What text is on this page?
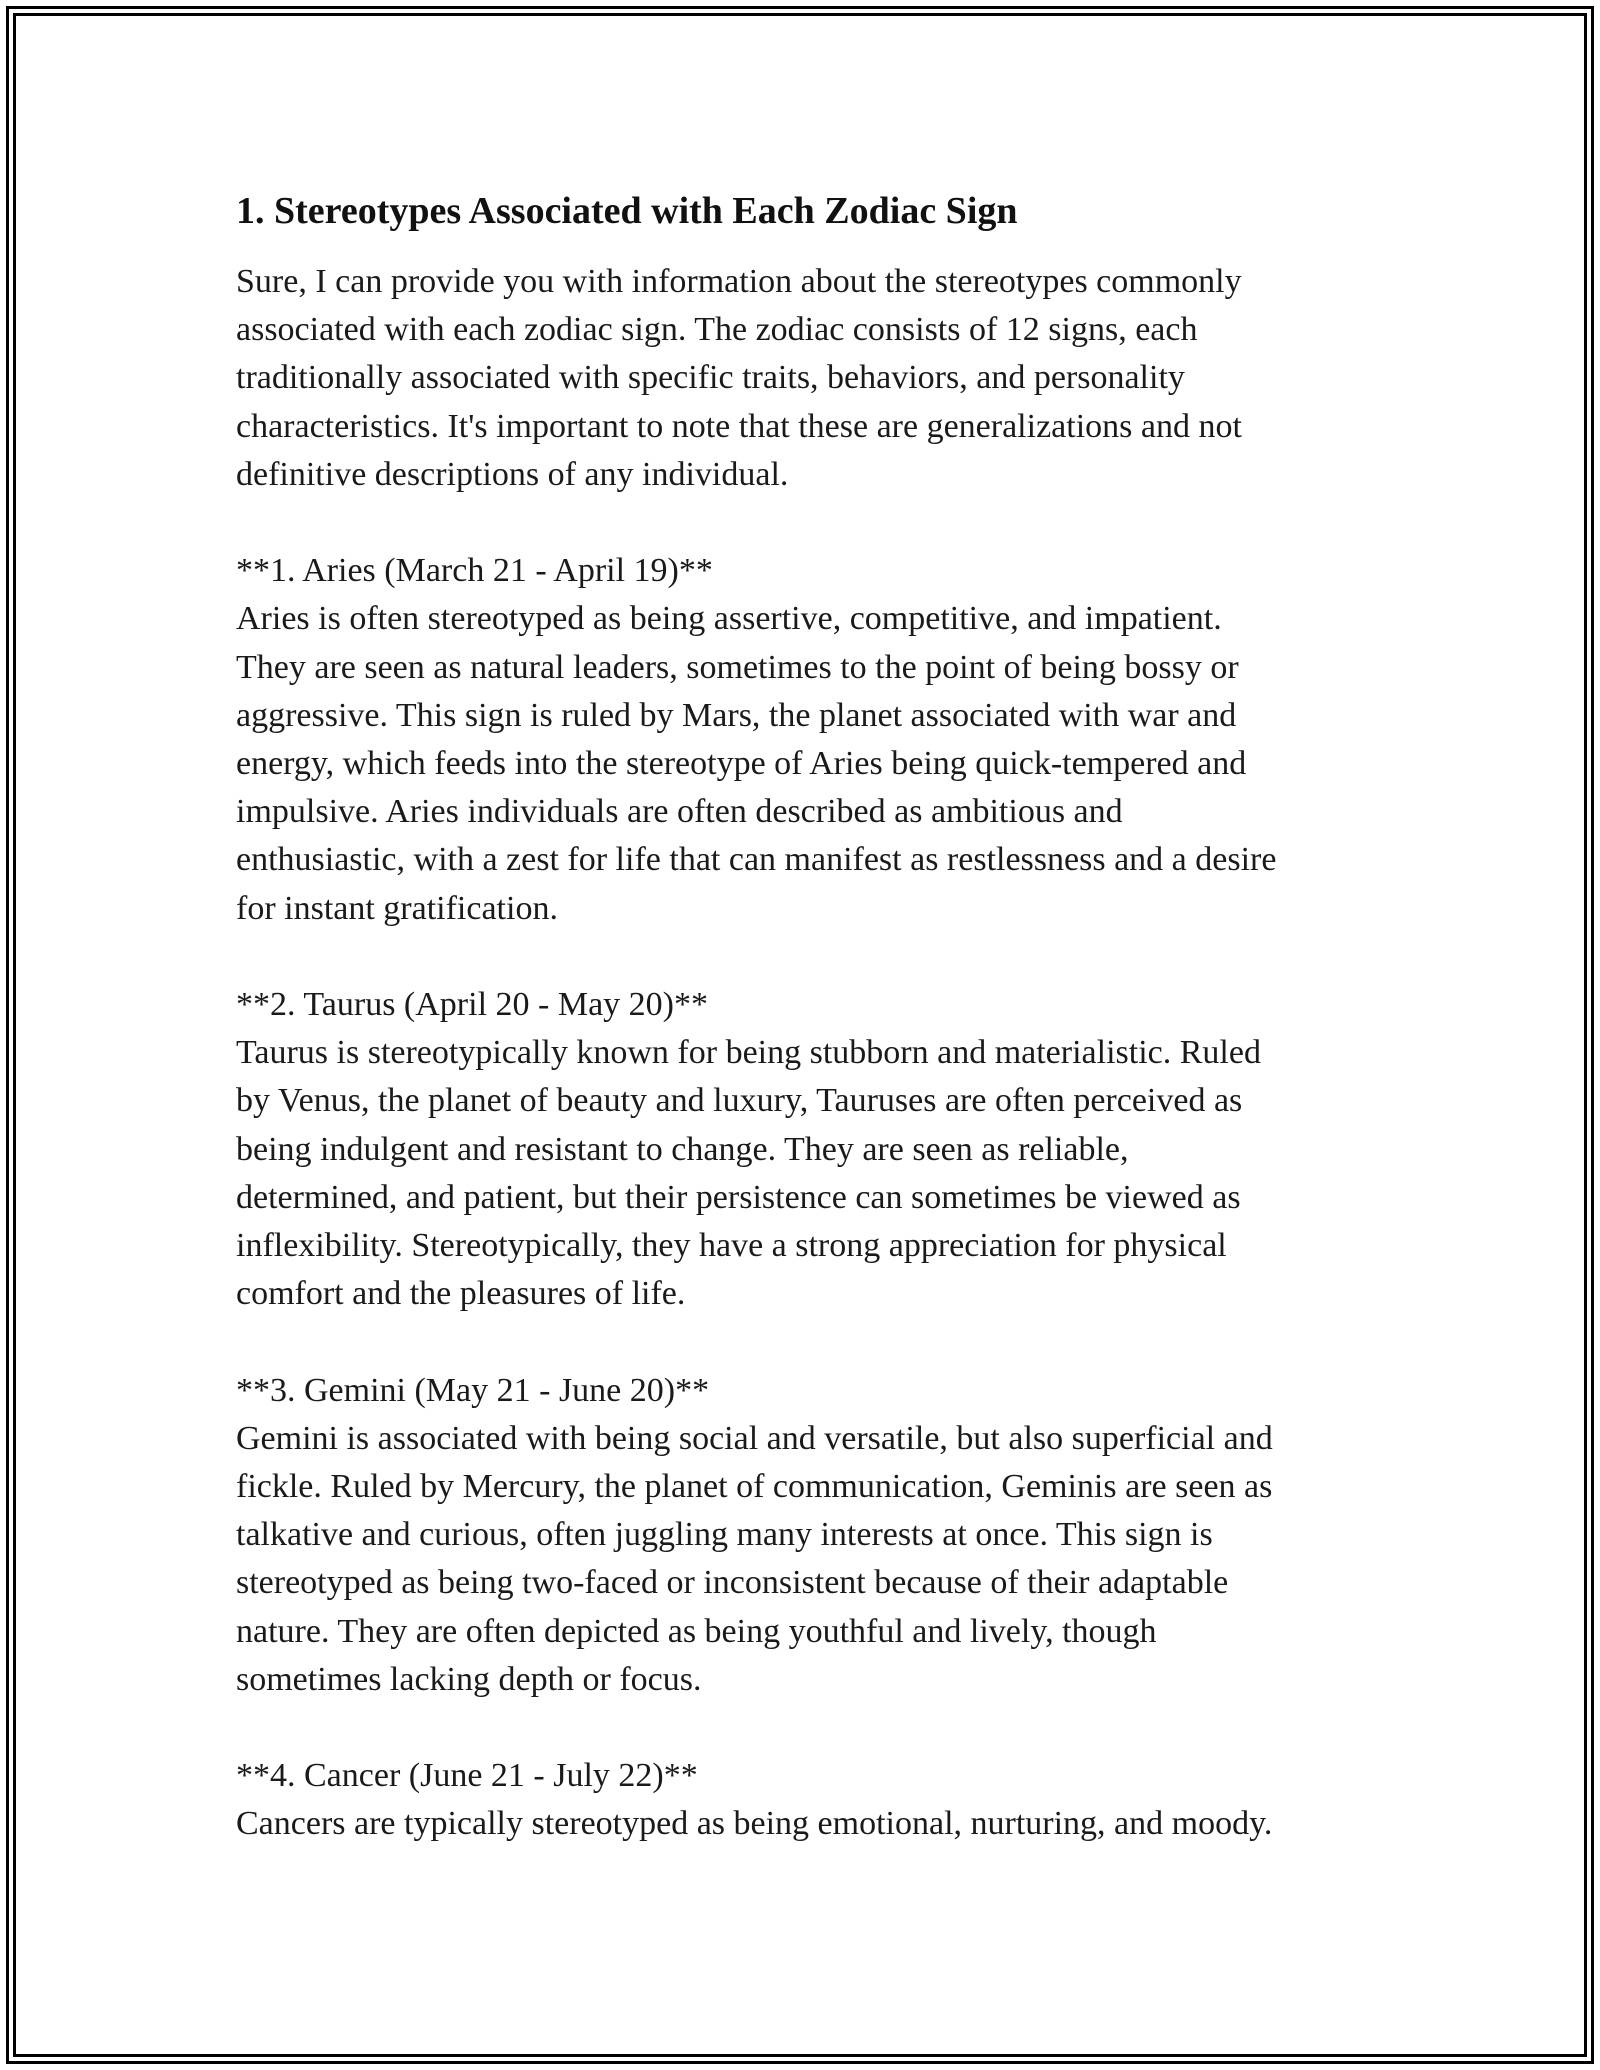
1. Stereotypes Associated with Each Zodiac Sign

Sure, I can provide you with information about the stereotypes commonly
associated with each zodiac sign. The zodiac consists of 12 signs, each
traditionally associated with specific traits, behaviors, and personality
characteristics. It's important to note that these are generalizations and not
definitive descriptions of any individual.

**1. Aries (March 21 - April 19)**

Aries is often stereotyped as being assertive, competitive, and impatient.
They are seen as natural leaders, sometimes to the point of being bossy or
aggressive. This sign is ruled by Mars, the planet associated with war and
energy, which feeds into the stereotype of Aries being quick-tempered and
impulsive. Aries individuals are often described as ambitious and
enthusiastic, with a zest for life that can manifest as restlessness and a desire
for instant gratification.

**2. Taurus (April 20 - May 20)**

Taurus is stereotypically known for being stubborn and materialistic. Ruled
by Venus, the planet of beauty and luxury, Tauruses are often perceived as
being indulgent and resistant to change. They are seen as reliable,
determined, and patient, but their persistence can sometimes be viewed as
inflexibility. Stereotypically, they have a strong appreciation for physical
comfort and the pleasures of life.

**3. Gemini (May 21 - June 20)**

Gemini is associated with being social and versatile, but also superficial and
fickle. Ruled by Mercury, the planet of communication, Geminis are seen as
talkative and curious, often juggling many interests at once. This sign is
stereotyped as being two-faced or inconsistent because of their adaptable
nature. They are often depicted as being youthful and lively, though
sometimes lacking depth or focus.

**4. Cancer (June 21 - July 22)**

Cancers are typically stereotyped as being emotional, nurturing, and moody.
